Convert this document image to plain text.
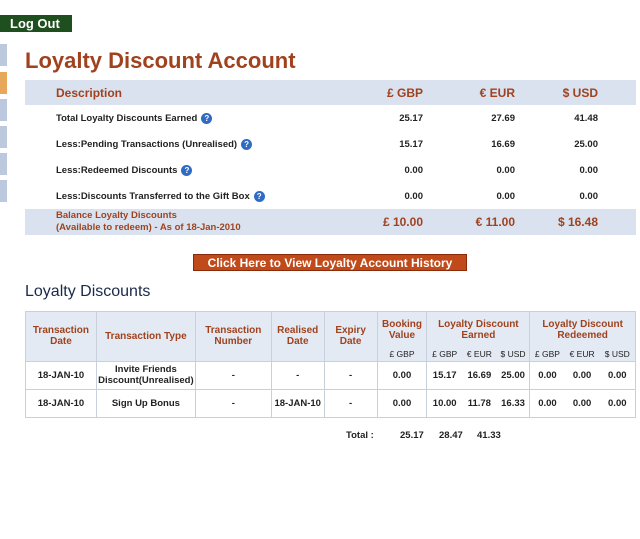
Log Out
Loyalty Discount Account
Description	£ GBP	€ EUR	$ USD	
Total Loyalty Discounts Earned ?	25.17	27.69	41.48	
Less:Pending Transactions (Unrealised) ?	15.17	16.69	25.00	
Less:Redeemed Discounts ?	0.00	0.00	0.00	
Less:Discounts Transferred to the Gift Box ?	0.00	0.00	0.00	

Balance Loyalty Discounts
(Available to redeem) - As of 18-Jan-2010	£ 10.00	€ 11.00	$ 16.48	
Click Here to View Loyalty Account History
Loyalty Discounts
Transaction Date	Transaction Type	Transaction Number	Realised Date	Expiry Date	Booking Value	Loyalty Discount Earned			Loyalty Discount Redeemed		
					£ GBP	£ GBP	€ EUR	$ USD	£ GBP	€ EUR	$ USD
18-JAN-10	Invite Friends Discount(Unrealised)	-	-	-	0.00	15.17	16.69	25.00	0.00	0.00	0.00
18-JAN-10	Sign Up Bonus	-	18-JAN-10	-	0.00	10.00	11.78	16.33	0.00	0.00	0.00
Total :	25.17 28.47 41.33
